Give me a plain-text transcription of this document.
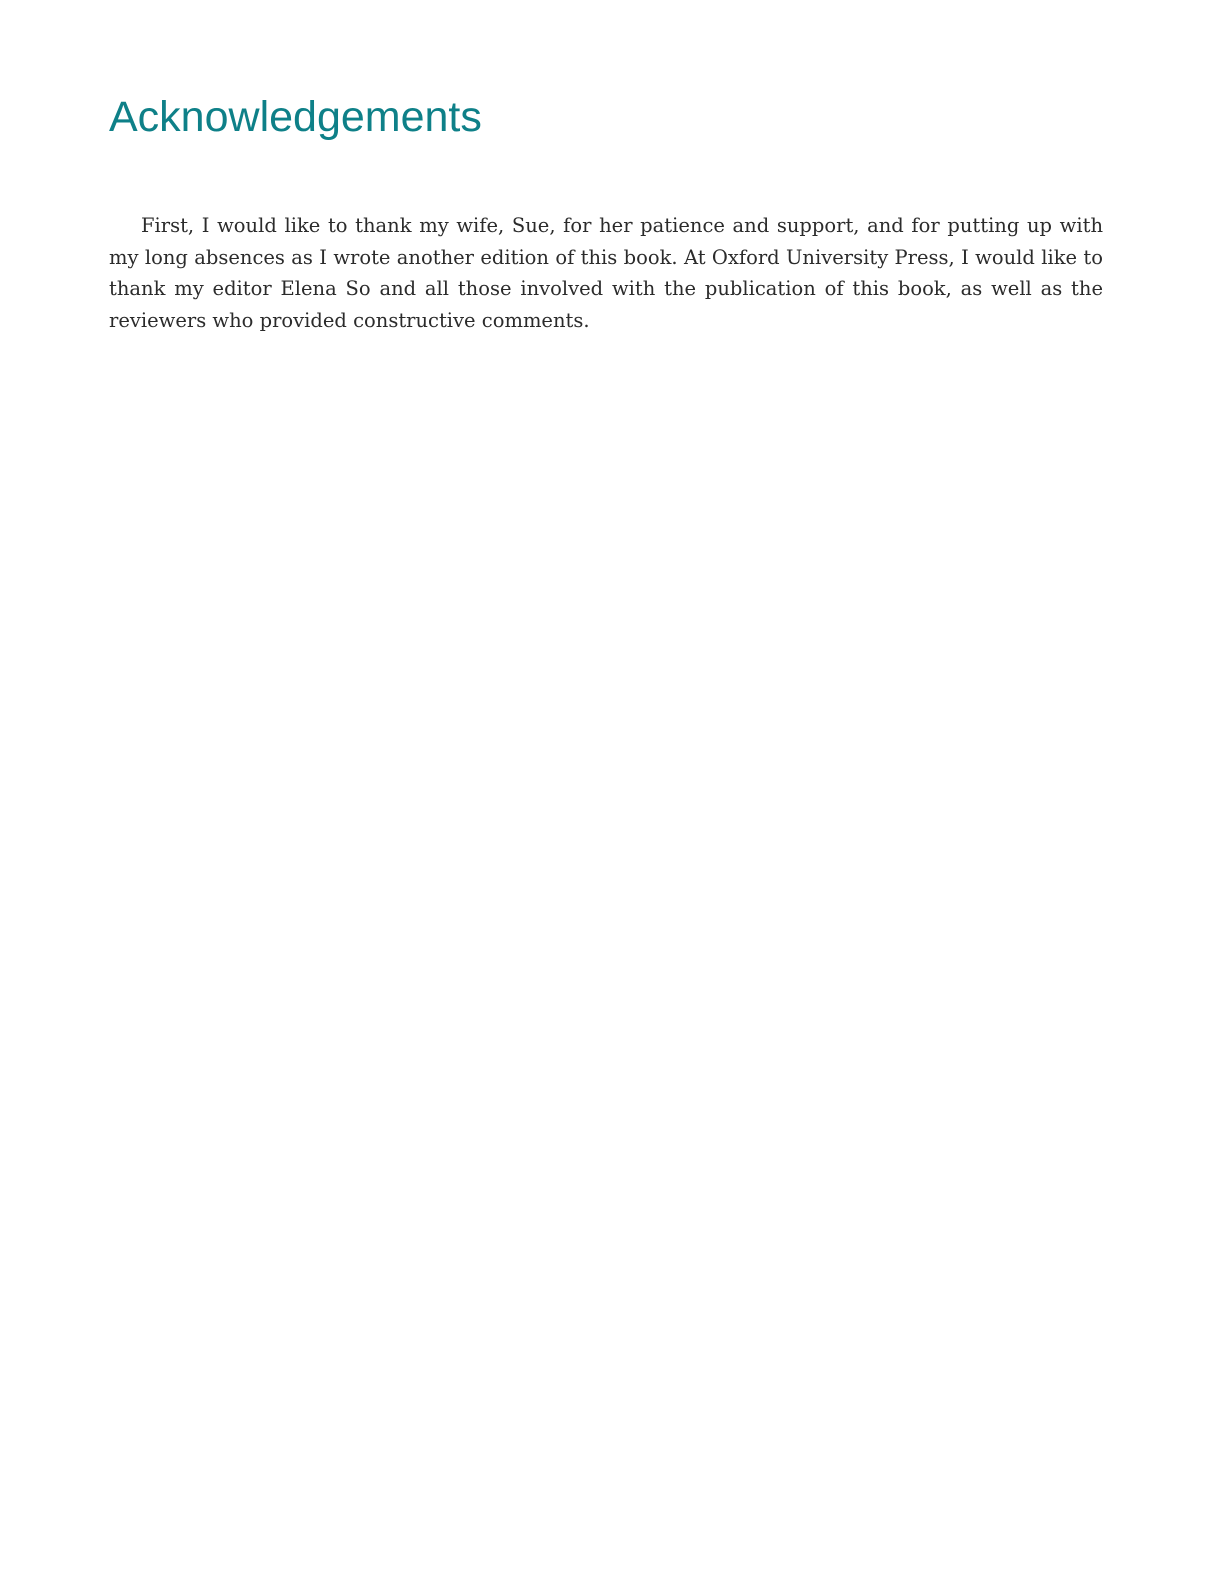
Acknowledgements

First, I would like to thank my wife, Sue, for her patience and support, and for putting up with my long absences as I wrote another edition of this book. At Oxford University Press, I would like to thank my editor Elena So and all those involved with the publication of this book, as well as the reviewers who provided constructive comments.
